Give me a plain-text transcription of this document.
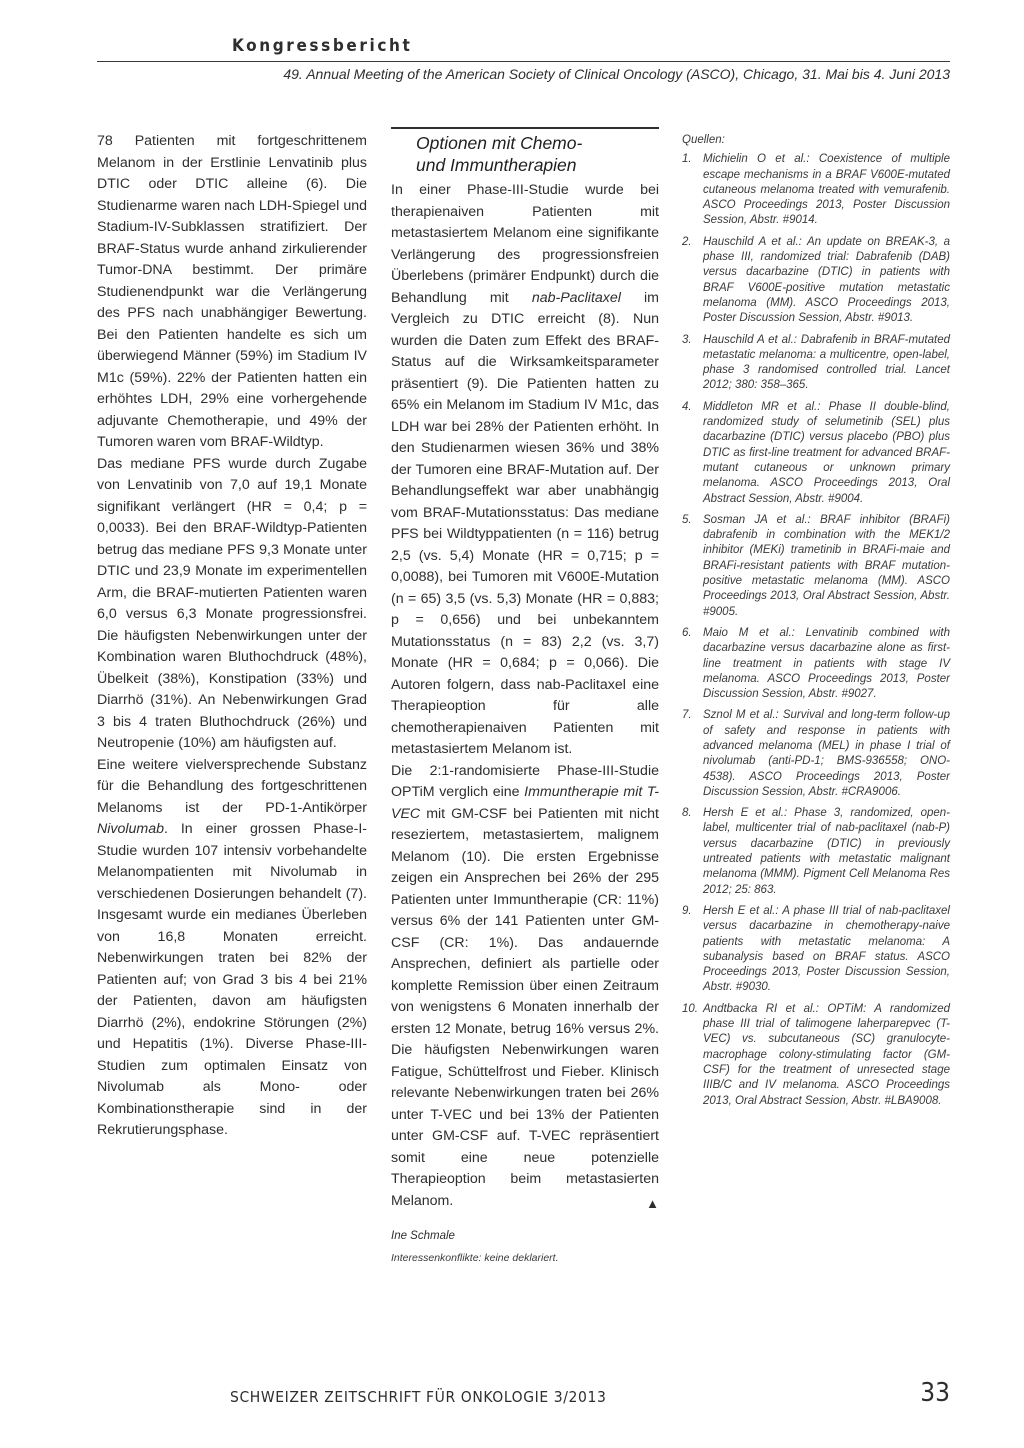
Kongressbericht
49. Annual Meeting of the American Society of Clinical Oncology (ASCO), Chicago, 31. Mai bis 4. Juni 2013

78 Patienten mit fortgeschrittenem Melanom in der Erstlinie Lenvatinib plus DTIC oder DTIC alleine (6). Die Studienarme waren nach LDH-Spiegel und Stadium-IV-Subklassen stratifiziert. Der BRAF-Status wurde anhand zirkulierender Tumor-DNA bestimmt. Der primäre Studienendpunkt war die Verlängerung des PFS nach unabhängiger Bewertung. Bei den Patienten handelte es sich um überwiegend Männer (59%) im Stadium IV M1c (59%). 22% der Patienten hatten ein erhöhtes LDH, 29% eine vorhergehende adjuvante Chemotherapie, und 49% der Tumoren waren vom BRAF-Wildtyp.

Das mediane PFS wurde durch Zugabe von Lenvatinib von 7,0 auf 19,1 Monate signifikant verlängert (HR = 0,4; p = 0,0033). Bei den BRAF-Wildtyp-Patienten betrug das mediane PFS 9,3 Monate unter DTIC und 23,9 Monate im experimentellen Arm, die BRAF-mutierten Patienten waren 6,0 versus 6,3 Monate progressionsfrei. Die häufigsten Nebenwirkungen unter der Kombination waren Bluthochdruck (48%), Übelkeit (38%), Konstipation (33%) und Diarrhö (31%). An Nebenwirkungen Grad 3 bis 4 traten Bluthochdruck (26%) und Neutropenie (10%) am häufigsten auf.

Eine weitere vielversprechende Substanz für die Behandlung des fortgeschrittenen Melanoms ist der PD-1-Antikörper Nivolumab. In einer grossen Phase-I-Studie wurden 107 intensiv vorbehandelte Melanompatienten mit Nivolumab in verschiedenen Dosierungen behandelt (7). Insgesamt wurde ein medianes Überleben von 16,8 Monaten erreicht. Nebenwirkungen traten bei 82% der Patienten auf; von Grad 3 bis 4 bei 21% der Patienten, davon am häufigsten Diarrhö (2%), endokrine Störungen (2%) und Hepatitis (1%). Diverse Phase-III-Studien zum optimalen Einsatz von Nivolumab als Mono- oder Kombinationstherapie sind in der Rekrutierungsphase.

Optionen mit Chemo-
und Immuntherapien

In einer Phase-III-Studie wurde bei therapienaiven Patienten mit metastasiertem Melanom eine signifikante Verlängerung des progressionsfreien Überlebens (primärer Endpunkt) durch die Behandlung mit nab-Paclitaxel im Vergleich zu DTIC erreicht (8). Nun wurden die Daten zum Effekt des BRAF-Status auf die Wirksamkeitsparameter präsentiert (9). Die Patienten hatten zu 65% ein Melanom im Stadium IV M1c, das LDH war bei 28% der Patienten erhöht. In den Studienarmen wiesen 36% und 38% der Tumoren eine BRAF-Mutation auf. Der Behandlungseffekt war aber unabhängig vom BRAF-Mutationsstatus: Das mediane PFS bei Wildtyppatienten (n = 116) betrug 2,5 (vs. 5,4) Monate (HR = 0,715; p = 0,0088), bei Tumoren mit V600E-Mutation (n = 65) 3,5 (vs. 5,3) Monate (HR = 0,883; p = 0,656) und bei unbekanntem Mutationsstatus (n = 83) 2,2 (vs. 3,7) Monate (HR = 0,684; p = 0,066). Die Autoren folgern, dass nab-Paclitaxel eine Therapieoption für alle chemotherapienaiven Patienten mit metastasiertem Melanom ist.

Die 2:1-randomisierte Phase-III-Studie OPTiM verglich eine Immuntherapie mit T-VEC mit GM-CSF bei Patienten mit nicht reseziertem, metastasiertem, malignem Melanom (10). Die ersten Ergebnisse zeigen ein Ansprechen bei 26% der 295 Patienten unter Immuntherapie (CR: 11%) versus 6% der 141 Patienten unter GM-CSF (CR: 1%). Das andauernde Ansprechen, definiert als partielle oder komplette Remission über einen Zeitraum von wenigstens 6 Monaten innerhalb der ersten 12 Monate, betrug 16% versus 2%. Die häufigsten Nebenwirkungen waren Fatigue, Schüttelfrost und Fieber. Klinisch relevante Nebenwirkungen traten bei 26% unter T-VEC und bei 13% der Patienten unter GM-CSF auf. T-VEC repräsentiert somit eine neue potenzielle Therapieoption beim metastasierten Melanom.	▲

Ine Schmale

Interessenkonflikte: keine deklariert.
Quellen:
1. Michielin O et al.: Coexistence of multiple escape mechanisms in a BRAF V600E-mutated cutaneous melanoma treated with vemurafenib. ASCO Proceedings 2013, Poster Discussion Session, Abstr. #9014.
2. Hauschild A et al.: An update on BREAK-3, a phase III, randomized trial: Dabrafenib (DAB) versus dacarbazine (DTIC) in patients with BRAF V600E-positive mutation metastatic melanoma (MM). ASCO Proceedings 2013, Poster Discussion Session, Abstr. #9013.
3. Hauschild A et al.: Dabrafenib in BRAF-mutated metastatic melanoma: a multicentre, open-label, phase 3 randomised controlled trial. Lancet 2012; 380: 358–365.
4. Middleton MR et al.: Phase II double-blind, randomized study of selumetinib (SEL) plus dacarbazine (DTIC) versus placebo (PBO) plus DTIC as first-line treatment for advanced BRAF-mutant cutaneous or unknown primary melanoma. ASCO Proceedings 2013, Oral Abstract Session, Abstr. #9004.
5. Sosman JA et al.: BRAF inhibitor (BRAFi) dabrafenib in combination with the MEK1/2 inhibitor (MEKi) trametinib in BRAFi-maie and BRAFi-resistant patients with BRAF mutation-positive metastatic melanoma (MM). ASCO Proceedings 2013, Oral Abstract Session, Abstr. #9005.
6. Maio M et al.: Lenvatinib combined with dacarbazine versus dacarbazine alone as first-line treatment in patients with stage IV melanoma. ASCO Proceedings 2013, Poster Discussion Session, Abstr. #9027.
7. Sznol M et al.: Survival and long-term follow-up of safety and response in patients with advanced melanoma (MEL) in phase I trial of nivolumab (anti-PD-1; BMS-936558; ONO-4538). ASCO Proceedings 2013, Poster Discussion Session, Abstr. #CRA9006.
8. Hersh E et al.: Phase 3, randomized, open-label, multicenter trial of nab-paclitaxel (nab-P) versus dacarbazine (DTIC) in previously untreated patients with metastatic malignant melanoma (MMM). Pigment Cell Melanoma Res 2012; 25: 863.
9. Hersh E et al.: A phase III trial of nab-paclitaxel versus dacarbazine in chemotherapy-naive patients with metastatic melanoma: A subanalysis based on BRAF status. ASCO Proceedings 2013, Poster Discussion Session, Abstr. #9030.
10. Andtbacka RI et al.: OPTiM: A randomized phase III trial of talimogene laherparepvec (T-VEC) vs. subcutaneous (SC) granulocyte-macrophage colony-stimulating factor (GM-CSF) for the treatment of unresected stage IIIB/C and IV melanoma. ASCO Proceedings 2013, Oral Abstract Session, Abstr. #LBA9008.
SCHWEIZER ZEITSCHRIFT FÜR ONKOLOGIE 3/2013	33
